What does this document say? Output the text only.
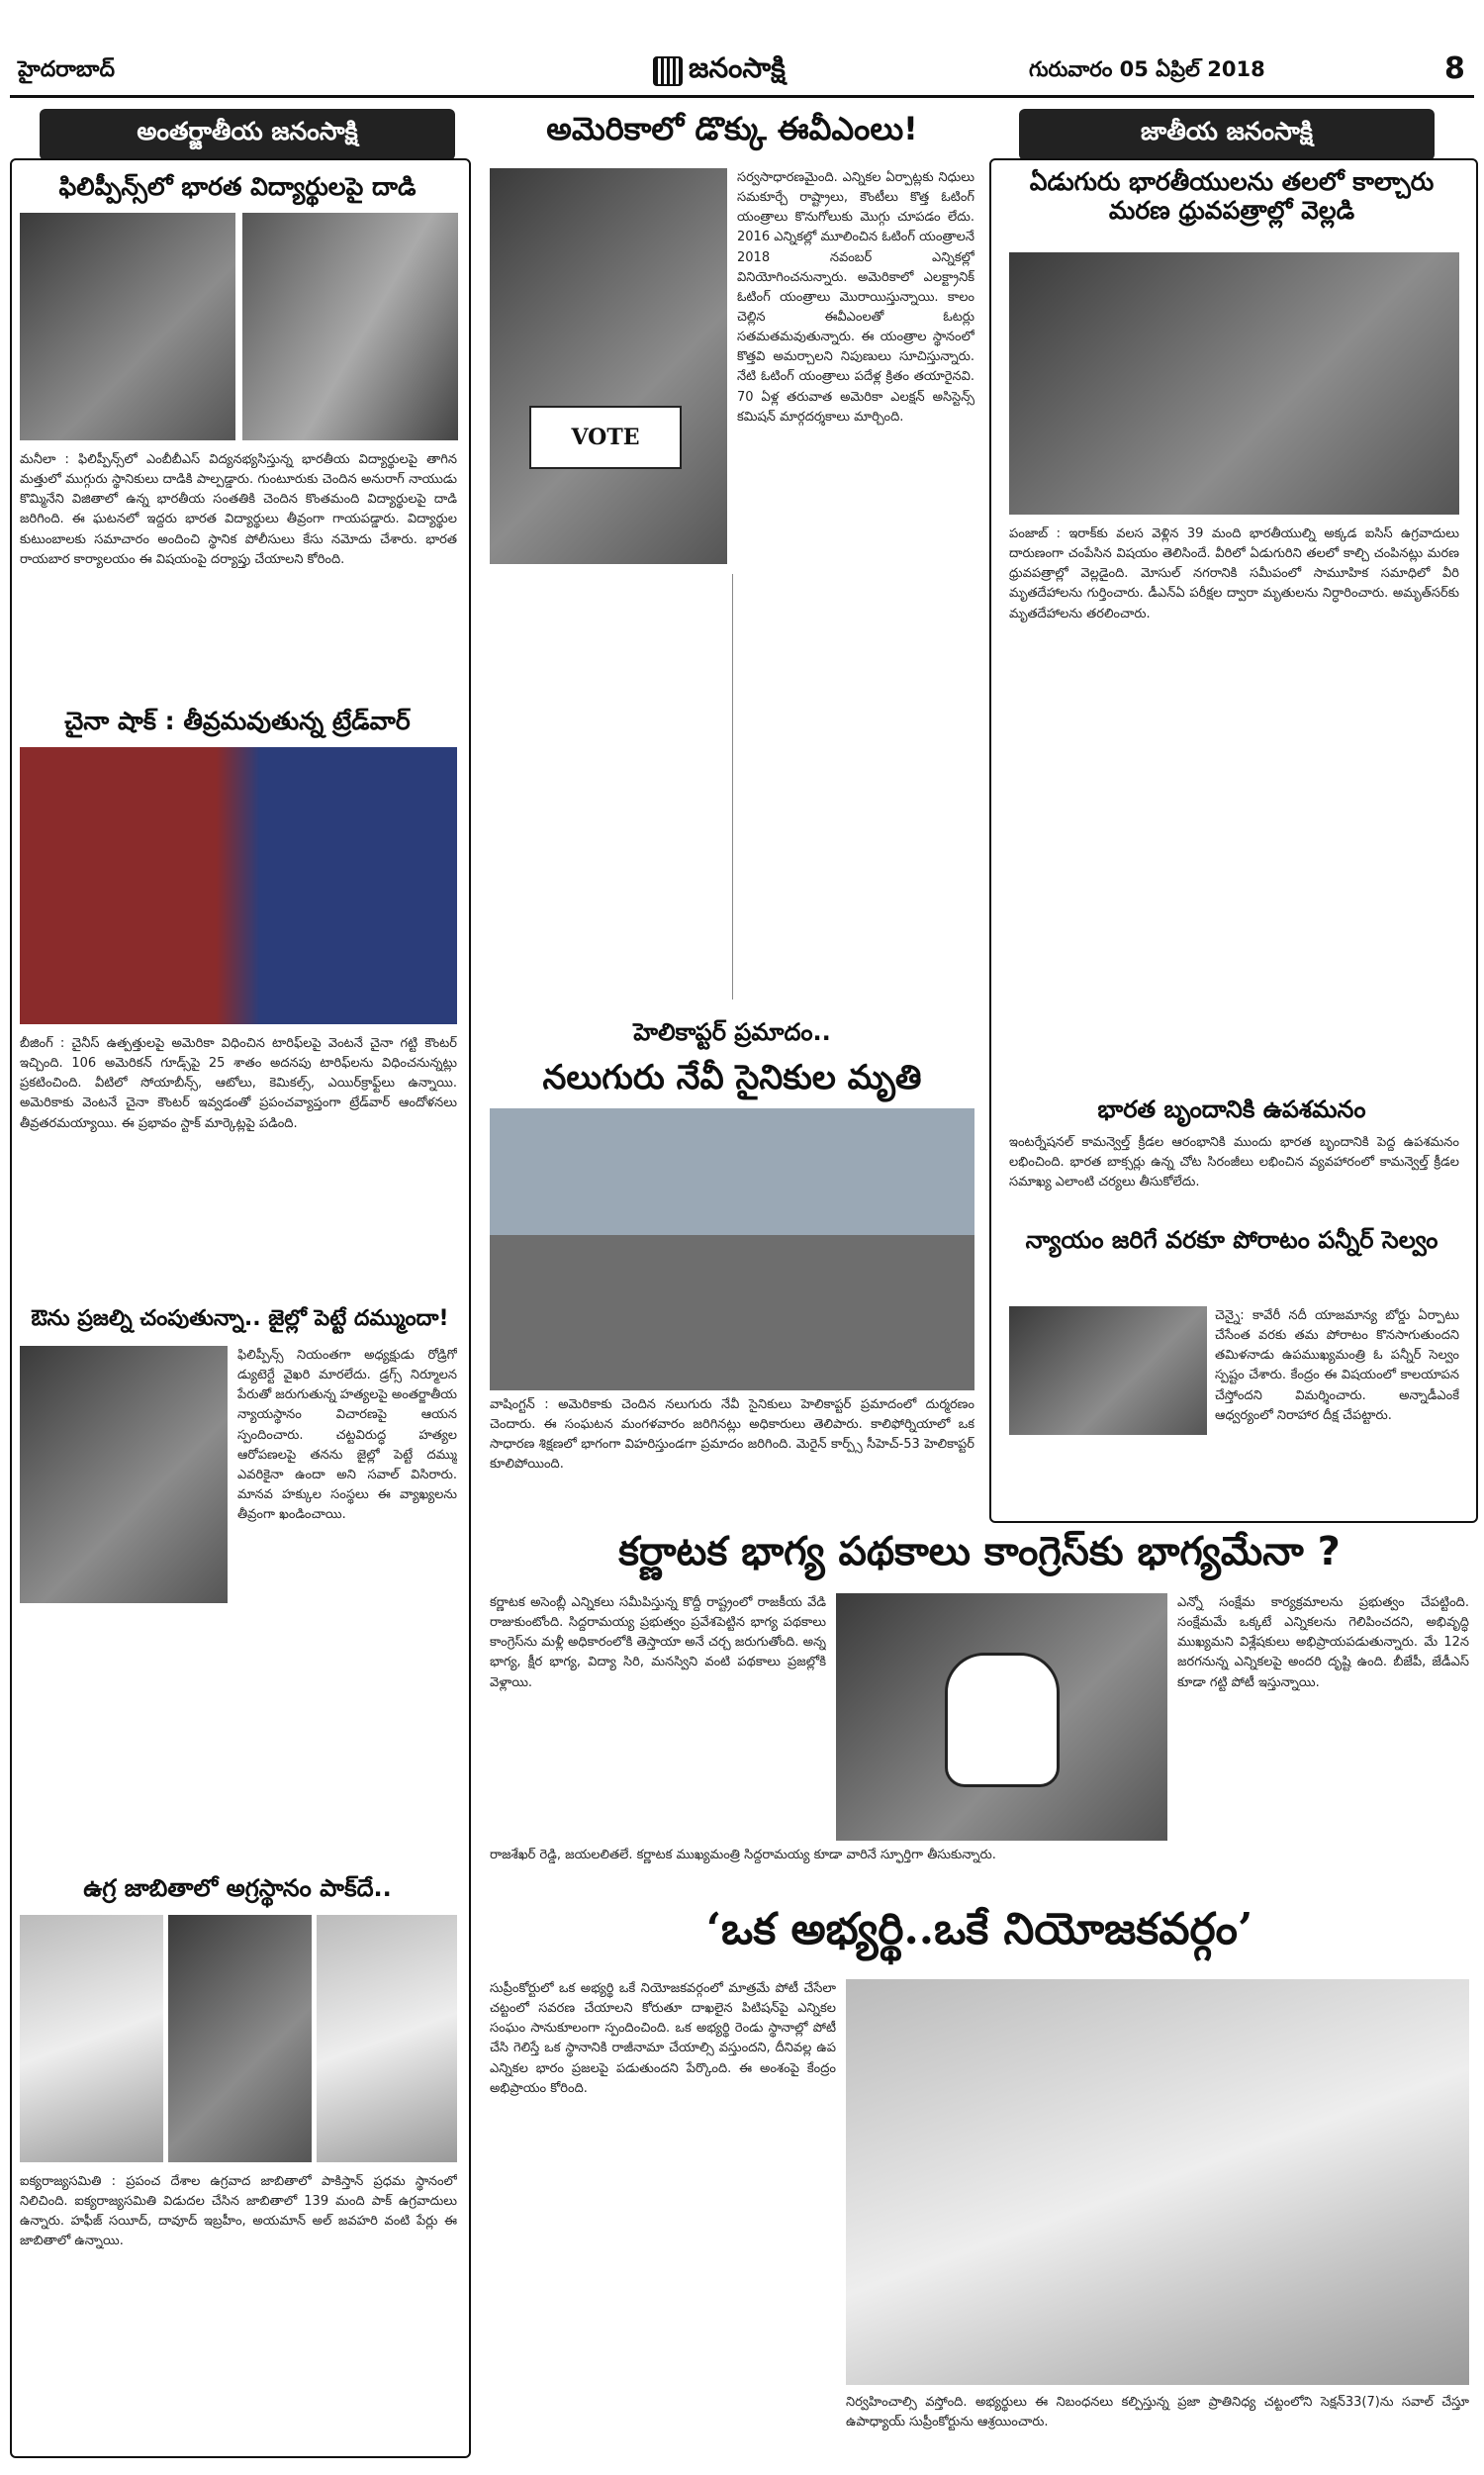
హైదరాబాద్	జనంసాక్షి	గురువారం 05 ఏప్రిల్ 2018	8
అంతర్జాతీయ జనంసాక్షి
ఫిలిప్పీన్స్‌లో భారత విద్యార్థులపై దాడి
మనీలా : ఫిలిప్పీన్స్‌లో ఎంబీబీఎస్‌ విద్యనభ్యసిస్తున్న భారతీయ విద్యార్థులపై తాగిన మత్తులో ముగ్గురు స్థానికులు దాడికి పాల్పడ్డారు. గుంటూరుకు చెందిన అనురాగ్‌ నాయుడు కొమ్మినేని విజితాలో ఉన్న భారతీయ సంతతికి చెందిన కొంతమంది విద్యార్థులపై దాడి జరిగింది. ఈ ఘటనలో ఇద్దరు భారత విద్యార్థులు తీవ్రంగా గాయపడ్డారు. విద్యార్థుల కుటుంబాలకు సమాచారం అందించి స్థానిక పోలీసులు కేసు నమోదు చేశారు. భారత రాయబార కార్యాలయం ఈ విషయంపై దర్యాప్తు చేయాలని కోరింది.
చైనా షాక్‌ : తీవ్రమవుతున్న ట్రేడ్‌వార్‌
బీజింగ్‌ : చైనీస్‌ ఉత్పత్తులపై అమెరికా విధించిన టారిఫ్‌లపై వెంటనే చైనా గట్టి కౌంటర్‌ ఇచ్చింది. 106 అమెరికన్‌ గూడ్స్‌పై 25 శాతం అదనపు టారిఫ్‌లను విధించనున్నట్లు ప్రకటించింది. వీటిలో సోయాబీన్స్‌, ఆటోలు, కెమికల్స్‌, ఎయిర్‌క్రాఫ్ట్‌లు ఉన్నాయి. అమెరికాకు వెంటనే చైనా కౌంటర్‌ ఇవ్వడంతో ప్రపంచవ్యాప్తంగా ట్రేడ్‌వార్‌ ఆందోళనలు తీవ్రతరమయ్యాయి. ఈ ప్రభావం స్టాక్‌ మార్కెట్లపై పడింది.
ఔను ప్రజల్ని చంపుతున్నా.. జైల్లో పెట్టే దమ్ముందా!
ఫిలిప్పీన్స్‌ నియంతగా అధ్యక్షుడు రోడ్రిగో డ్యుటెర్టే వైఖరి మారలేదు. డ్రగ్స్‌ నిర్మూలన పేరుతో జరుగుతున్న హత్యలపై అంతర్జాతీయ న్యాయస్థానం విచారణపై ఆయన స్పందించారు. చట్టవిరుద్ధ హత్యల ఆరోపణలపై తనను జైల్లో పెట్టే దమ్ము ఎవరికైనా ఉందా అని సవాల్‌ విసిరారు. మానవ హక్కుల సంస్థలు ఈ వ్యాఖ్యలను తీవ్రంగా ఖండించాయి.
ఉగ్ర జాబితాలో అగ్రస్థానం పాక్‌దే..
ఐక్యరాజ్యసమితి : ప్రపంచ దేశాల ఉగ్రవాద జాబితాలో పాకిస్తాన్‌ ప్రధమ స్థానంలో నిలిచింది. ఐక్యరాజ్యసమితి విడుదల చేసిన జాబితాలో 139 మంది పాక్‌ ఉగ్రవాదులు ఉన్నారు. హఫీజ్‌ సయీద్‌, దావూద్‌ ఇబ్రహీం, అయమాన్‌ అల్‌ జవహరి వంటి పేర్లు ఈ జాబితాలో ఉన్నాయి.
అమెరికాలో డొక్కు ఈవీఎంలు!
VOTE
సర్వసాధారణమైంది. ఎన్నికల ఏర్పాట్లకు నిధులు సమకూర్చే రాష్ట్రాలు, కౌంటీలు కొత్త ఓటింగ్‌ యంత్రాలు కొనుగోలుకు మొగ్గు చూపడం లేదు. 2016 ఎన్నికల్లో మూలించిన ఓటింగ్‌ యంత్రాలనే 2018 నవంబర్‌ ఎన్నికల్లో వినియోగించనున్నారు. అమెరికాలో ఎలక్ట్రానిక్‌ ఓటింగ్‌ యంత్రాలు మొరాయిస్తున్నాయి. కాలం చెల్లిన ఈవీఎంలతో ఓటర్లు సతమతమవుతున్నారు. ఈ యంత్రాల స్థానంలో కొత్తవి అమర్చాలని నిపుణులు సూచిస్తున్నారు. నేటి ఓటింగ్‌ యంత్రాలు పదేళ్ల క్రితం తయారైనవి. 70 ఏళ్ల తరువాత అమెరికా ఎలక్షన్‌ అసిస్టెన్స్‌ కమిషన్‌ మార్గదర్శకాలు మార్చింది.
హెలికాప్టర్‌ ప్రమాదం..
నలుగురు నేవీ సైనికుల మృతి
వాషింగ్టన్‌ : అమెరికాకు చెందిన నలుగురు నేవీ సైనికులు హెలికాప్టర్‌ ప్రమాదంలో దుర్మరణం చెందారు. ఈ సంఘటన మంగళవారం జరిగినట్లు అధికారులు తెలిపారు. కాలిఫోర్నియాలో ఒక సాధారణ శిక్షణలో భాగంగా విహరిస్తుండగా ప్రమాదం జరిగింది. మెరైన్‌ కార్ప్స్‌ సీహెచ్‌-53 హెలికాప్టర్‌ కూలిపోయింది.
జాతీయ జనంసాక్షి
ఏడుగురు భారతీయులను తలలో కాల్చారు మరణ ధ్రువపత్రాల్లో వెల్లడి
పంజాబ్‌ : ఇరాక్‌కు వలస వెళ్లిన 39 మంది భారతీయుల్ని అక్కడ ఐసిస్‌ ఉగ్రవాదులు దారుణంగా చంపేసిన విషయం తెలిసిందే. వీరిలో ఏడుగురిని తలలో కాల్చి చంపినట్లు మరణ ధ్రువపత్రాల్లో వెల్లడైంది. మోసుల్‌ నగరానికి సమీపంలో సామూహిక సమాధిలో వీరి మృతదేహాలను గుర్తించారు. డీఎన్‌ఏ పరీక్షల ద్వారా మృతులను నిర్ధారించారు. అమృత్‌సర్‌కు మృతదేహాలను తరలించారు.
భారత బృందానికి ఉపశమనం
ఇంటర్నేషనల్‌ కామన్వెల్త్‌ క్రీడల ఆరంభానికి ముందు భారత బృందానికి పెద్ద ఉపశమనం లభించింది. భారత బాక్సర్లు ఉన్న చోట సిరంజీలు లభించిన వ్యవహారంలో కామన్వెల్త్‌ క్రీడల సమాఖ్య ఎలాంటి చర్యలు తీసుకోలేదు.
న్యాయం జరిగే వరకూ పోరాటం పన్నీర్‌ సెల్వం
చెన్నై: కావేరీ నదీ యాజమాన్య బోర్డు ఏర్పాటు చేసేంత వరకు తమ పోరాటం కొనసాగుతుందని తమిళనాడు ఉపముఖ్యమంత్రి ఓ పన్నీర్‌ సెల్వం స్పష్టం చేశారు. కేంద్రం ఈ విషయంలో కాలయాపన చేస్తోందని విమర్శించారు. అన్నాడీఎంకే ఆధ్వర్యంలో నిరాహార దీక్ష చేపట్టారు.
కర్ణాటక భాగ్య పథకాలు కాంగ్రెస్‌కు భాగ్యమేనా ?
కర్ణాటక అసెంబ్లీ ఎన్నికలు సమీపిస్తున్న కొద్దీ రాష్ట్రంలో రాజకీయ వేడి రాజుకుంటోంది. సిద్దరామయ్య ప్రభుత్వం ప్రవేశపెట్టిన భాగ్య పథకాలు కాంగ్రెస్‌ను మళ్లీ అధికారంలోకి తెస్తాయా అనే చర్చ జరుగుతోంది. అన్న భాగ్య, క్షీర భాగ్య, విద్యా సిరి, మనస్విని వంటి పథకాలు ప్రజల్లోకి వెళ్లాయి.
రాజశేఖర్‌ రెడ్డి, జయలలితలే. కర్ణాటక ముఖ్యమంత్రి సిద్దరామయ్య కూడా వారినే స్ఫూర్తిగా తీసుకున్నారు.
ఎన్నో సంక్షేమ కార్యక్రమాలను ప్రభుత్వం చేపట్టింది. సంక్షేమమే ఒక్కటే ఎన్నికలను గెలిపించదని, అభివృద్ధి ముఖ్యమని విశ్లేషకులు అభిప్రాయపడుతున్నారు. మే 12న జరగనున్న ఎన్నికలపై అందరి దృష్టి ఉంది. బీజేపీ, జేడీఎస్‌ కూడా గట్టి పోటీ ఇస్తున్నాయి.
‘ఒక అభ్యర్థి..ఒకే నియోజకవర్గం’
సుప్రీంకోర్టులో ఒక అభ్యర్థి ఒకే నియోజకవర్గంలో మాత్రమే పోటీ చేసేలా చట్టంలో సవరణ చేయాలని కోరుతూ దాఖలైన పిటిషన్‌పై ఎన్నికల సంఘం సానుకూలంగా స్పందించింది. ఒక అభ్యర్థి రెండు స్థానాల్లో పోటీ చేసి గెలిస్తే ఒక స్థానానికి రాజీనామా చేయాల్సి వస్తుందని, దీనివల్ల ఉప ఎన్నికల భారం ప్రజలపై పడుతుందని పేర్కొంది. ఈ అంశంపై కేంద్రం అభిప్రాయం కోరింది.
నిర్వహించాల్సి వస్తోంది. అభ్యర్థులు ఈ నిబంధనలు కల్పిస్తున్న ప్రజా ప్రాతినిధ్య చట్టంలోని సెక్షన్‌33(7)ను సవాల్‌ చేస్తూ ఉపాధ్యాయ్‌ సుప్రీంకోర్టును ఆశ్రయించారు.
